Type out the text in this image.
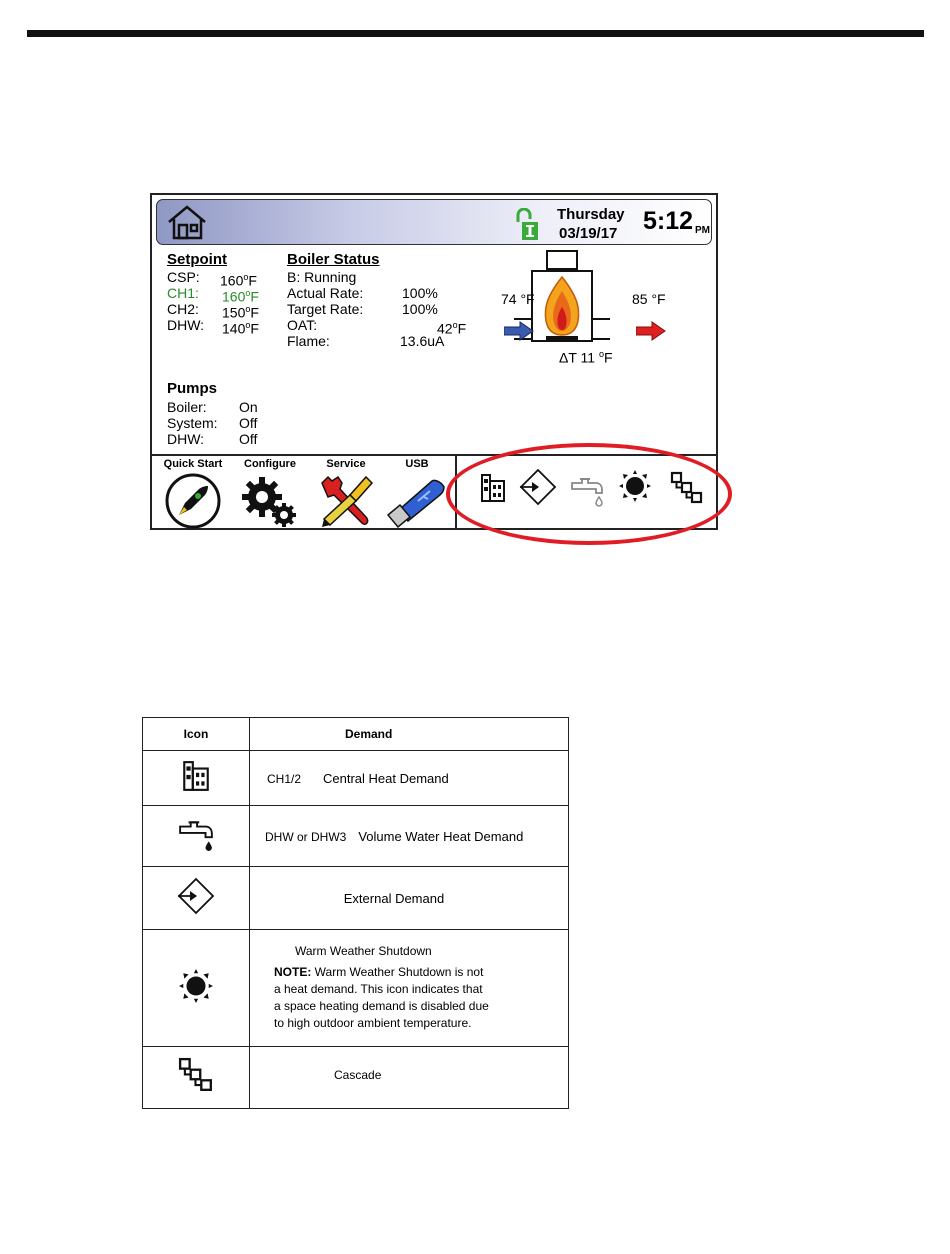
Thursday
03/19/17 5:12 PM
Setpoint
CSP: 160$^o$F
CH1: 160$^o$F
CH2: 150$^o$F
DHW: 140$^o$F
Boiler Status
B: Running
Actual Rate:	100%
Target Rate:	100%
OAT:	42$^o$F
Flame:	13.6uA
74 °F	85 °F
ΔT 11 $^o$F
Pumps
Boiler: On
System: Off
DHW: Off
Quick Start	Configure	Service	USB
Icon	Demand
	CH1/2 Central Heat Demand
	DHW or DHW3 Volume Water Heat Demand
	External Demand

Warm Weather Shutdown
NOTE: Warm Weather Shutdown is not
a heat demand. This icon indicates that
a space heating demand is disabled due
to high outdoor ambient temperature.

	Cascade
